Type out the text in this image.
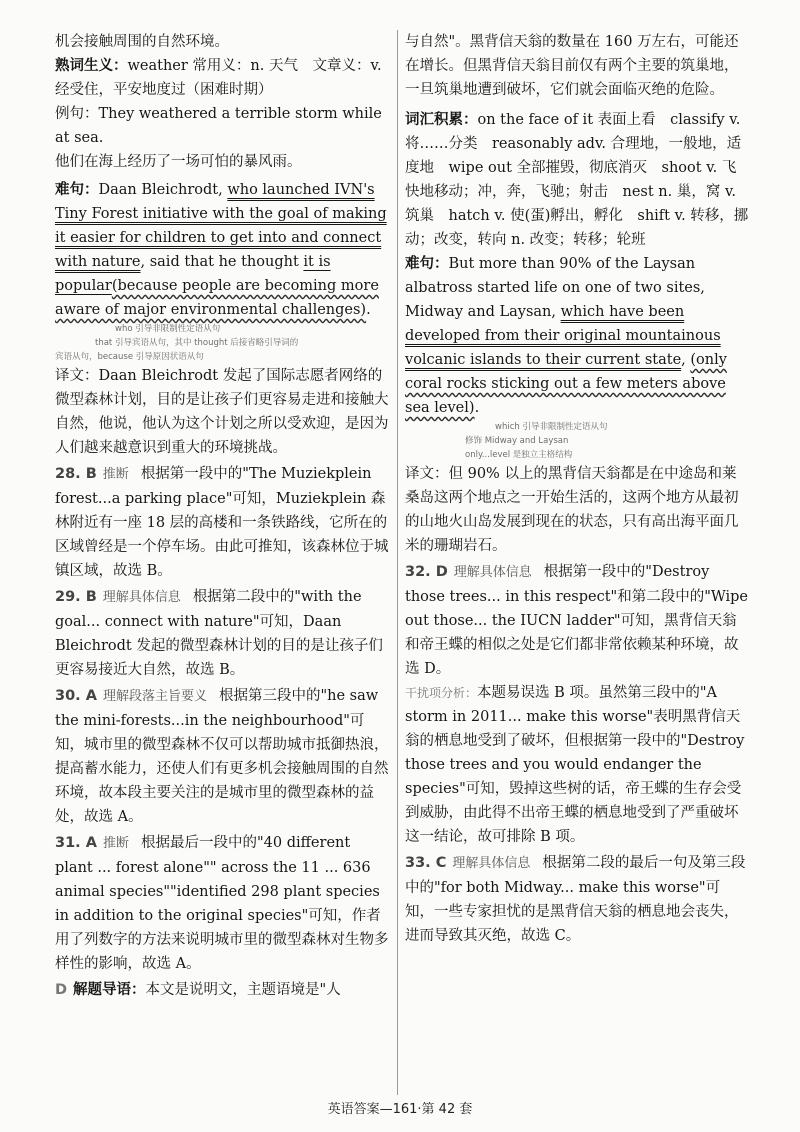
机会接触周围的自然环境。

熟词生义：weather 常用义：n. 天气　文章义：v. 经受住，平安地度过（困难时期）

例句：They weathered a terrible storm while at sea.

他们在海上经历了一场可怕的暴风雨。

难句：Daan Bleichrodt, who launched IVN's Tiny Forest initiative with the goal of making it easier for children to get into and connect with nature, said that he thought it is popular(because people are becoming more aware of major environmental challenges).

who 引导非限制性定语从句

that 引导宾语从句，其中 thought 后接省略引导词的

宾语从句，because 引导原因状语从句

译文：Daan Bleichrodt 发起了国际志愿者网络的微型森林计划，目的是让孩子们更容易走进和接触大自然，他说，他认为这个计划之所以受欢迎，是因为人们越来越意识到重大的环境挑战。

28. B 推断 根据第一段中的"The Muziekplein forest...a parking place"可知，Muziekplein 森林附近有一座 18 层的高楼和一条铁路线，它所在的区域曾经是一个停车场。由此可推知，该森林位于城镇区域，故选 B。

29. B 理解具体信息 根据第二段中的"with the goal... connect with nature"可知，Daan Bleichrodt 发起的微型森林计划的目的是让孩子们更容易接近大自然，故选 B。

30. A 理解段落主旨要义 根据第三段中的"he saw the mini-forests...in the neighbourhood"可知，城市里的微型森林不仅可以帮助城市抵御热浪，提高蓄水能力，还使人们有更多机会接触周围的自然环境，故本段主要关注的是城市里的微型森林的益处，故选 A。

31. A 推断 根据最后一段中的"40 different plant ... forest alone"" across the 11 ... 636 animal species""identified 298 plant species in addition to the original species"可知，作者用了列数字的方法来说明城市里的微型森林对生物多样性的影响，故选 A。

D 解题导语：本文是说明文，主题语境是"人

与自然"。黑背信天翁的数量在 160 万左右，可能还在增长。但黑背信天翁目前仅有两个主要的筑巢地，一旦筑巢地遭到破坏，它们就会面临灭绝的危险。

词汇积累：on the face of it 表面上看　classify v. 将……分类　reasonably adv. 合理地，一般地，适度地　wipe out 全部摧毁，彻底消灭　shoot v. 飞快地移动；冲，奔，飞驰；射击　nest n. 巢，窝 v. 筑巢　hatch v. 使(蛋)孵出，孵化　shift v. 转移，挪动；改变，转向 n. 改变；转移；轮班

难句：But more than 90% of the Laysan albatross started life on one of two sites, Midway and Laysan, which have been developed from their original mountainous volcanic islands to their current state, (only coral rocks sticking out a few meters above sea level).

which 引导非限制性定语从句

修饰 Midway and Laysan

only...level 是独立主格结构

译文：但 90% 以上的黑背信天翁都是在中途岛和莱桑岛这两个地点之一开始生活的，这两个地方从最初的山地火山岛发展到现在的状态，只有高出海平面几米的珊瑚岩石。

32. D 理解具体信息 根据第一段中的"Destroy those trees... in this respect"和第二段中的"Wipe out those... the IUCN ladder"可知，黑背信天翁和帝王蝶的相似之处是它们都非常依赖某种环境，故选 D。

干扰项分析：本题易误选 B 项。虽然第三段中的"A storm in 2011... make this worse"表明黑背信天翁的栖息地受到了破坏，但根据第一段中的"Destroy those trees and you would endanger the species"可知，毁掉这些树的话，帝王蝶的生存会受到威胁，由此得不出帝王蝶的栖息地受到了严重破坏这一结论，故可排除 B 项。

33. C 理解具体信息 根据第二段的最后一句及第三段中的"for both Midway... make this worse"可知，一些专家担忧的是黑背信天翁的栖息地会丧失，进而导致其灭绝，故选 C。

英语答案—161·第 42 套
